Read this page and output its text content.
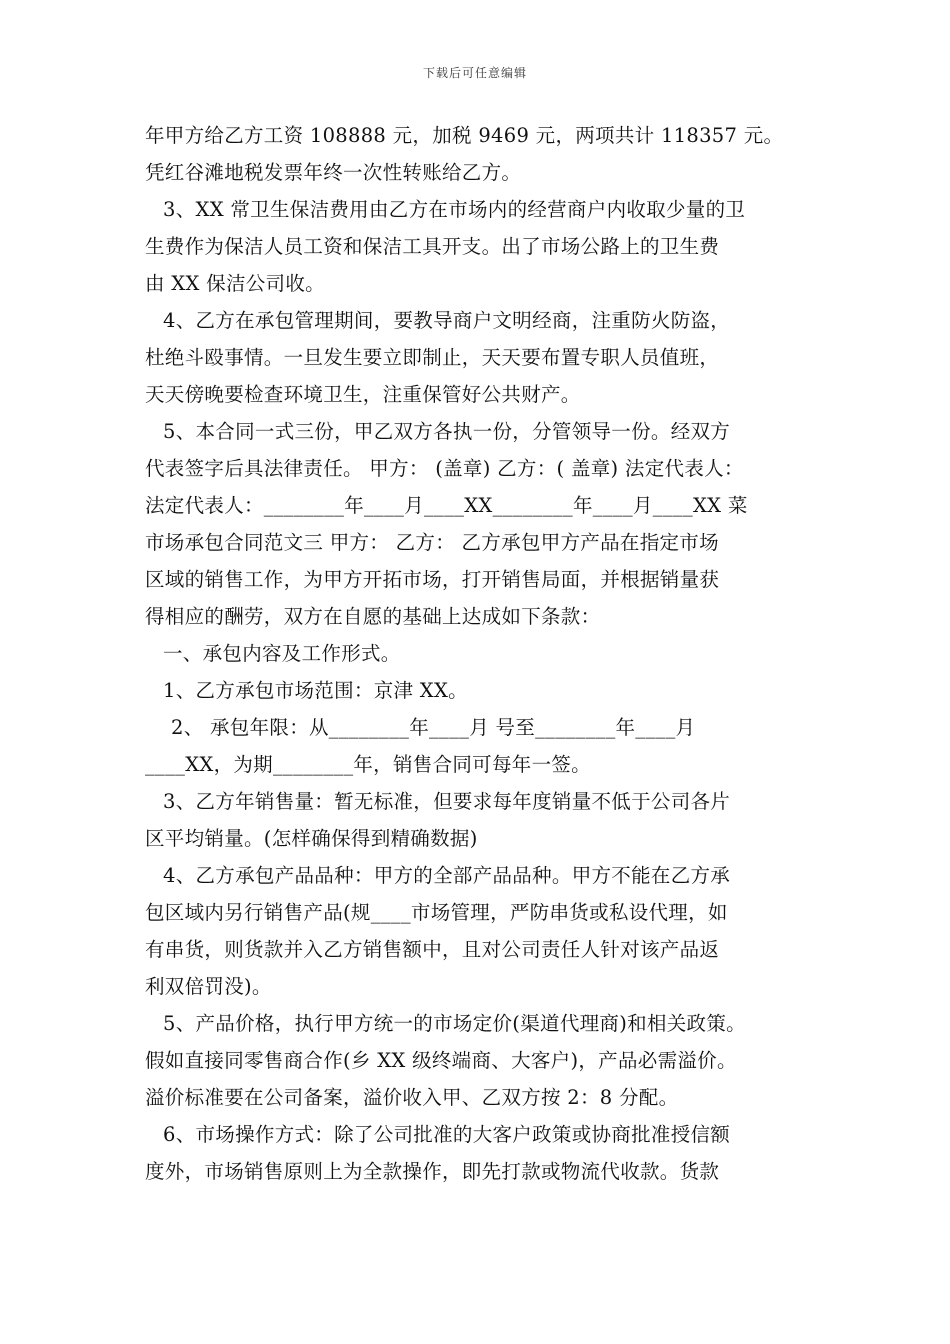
下载后可任意编辑
年甲方给乙方工资 108888 元，加税 9469 元，两项共计 118357 元。
凭红谷滩地税发票年终一次性转账给乙方。
3、XX 常卫生保洁费用由乙方在市场内的经营商户内收取少量的卫
生费作为保洁人员工资和保洁工具开支。出了市场公路上的卫生费
由 XX 保洁公司收。
4、乙方在承包管理期间，要教导商户文明经商，注重防火防盗，
杜绝斗殴事情。一旦发生要立即制止，天天要布置专职人员值班，
天天傍晚要检查环境卫生，注重保管好公共财产。
5、本合同一式三份，甲乙双方各执一份，分管领导一份。经双方
代表签字后具法律责任。 甲方： (盖章) 乙方：( 盖章) 法定代表人：
法定代表人：________年____月____XX________年____月____XX 菜
市场承包合同范文三 甲方： 乙方： 乙方承包甲方产品在指定市场
区域的销售工作，为甲方开拓市场，打开销售局面，并根据销量获
得相应的酬劳，双方在自愿的基础上达成如下条款：
一、承包内容及工作形式。
1、乙方承包市场范围：京津 XX。
2、 承包年限：从________年____月 号至________年____月
____XX，为期________年，销售合同可每年一签。
3、乙方年销售量：暂无标准，但要求每年度销量不低于公司各片
区平均销量。(怎样确保得到精确数据)
4、乙方承包产品品种：甲方的全部产品品种。甲方不能在乙方承
包区域内另行销售产品(规____市场管理，严防串货或私设代理，如
有串货，则货款并入乙方销售额中，且对公司责任人针对该产品返
利双倍罚没)。
5、产品价格，执行甲方统一的市场定价(渠道代理商)和相关政策。
假如直接同零售商合作(乡 XX 级终端商、大客户)，产品必需溢价。
溢价标准要在公司备案，溢价收入甲、乙双方按 2：8 分配。
6、市场操作方式：除了公司批准的大客户政策或协商批准授信额
度外，市场销售原则上为全款操作，即先打款或物流代收款。货款
